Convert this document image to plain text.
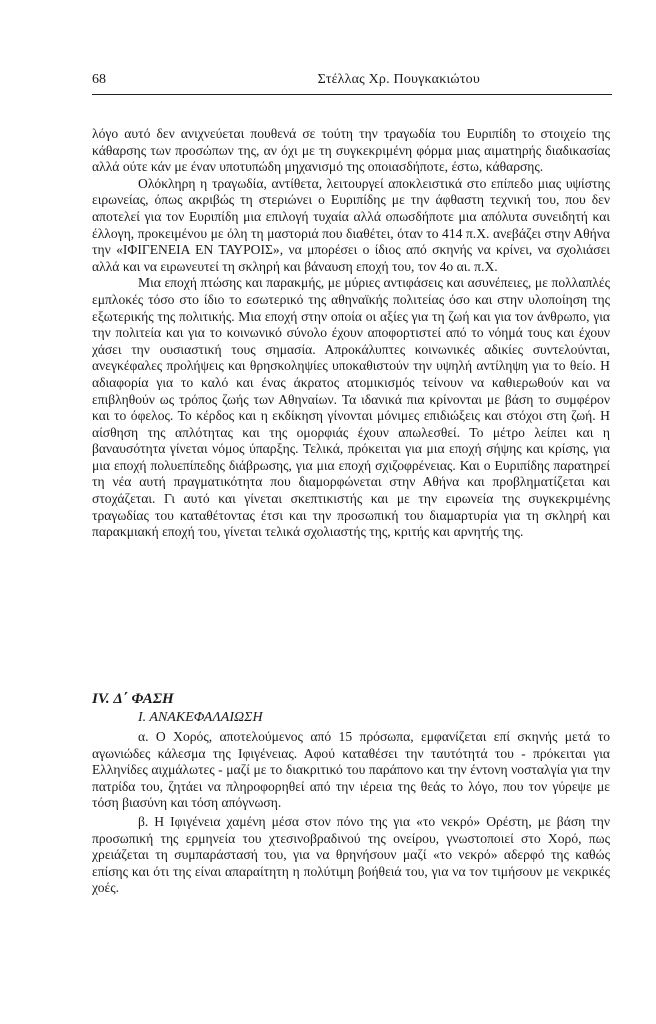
68	Στέλλας Χρ. Πουγκακιώτου

λόγο αυτό δεν ανιχνεύεται πουθενά σε τούτη την τραγωδία του Ευριπίδη το στοιχείο της κάθαρσης των προσώπων της, αν όχι με τη συγκεκριμένη φόρμα μιας αιματηρής διαδικασίας αλλά ούτε κάν με έναν υποτυπώδη μηχανισμό της οποιασδήποτε, έστω, κάθαρσης.

Ολόκληρη η τραγωδία, αντίθετα, λειτουργεί αποκλειστικά στο επίπεδο μιας υψίστης ειρωνείας, όπως ακριβώς τη στεριώνει ο Ευριπίδης με την άφθαστη τεχνική του, που δεν αποτελεί για τον Ευριπίδη μια επιλογή τυχαία αλλά οπωσδήποτε μια απόλυτα συνειδητή και έλλογη, προκειμένου με όλη τη μαστοριά που διαθέτει, όταν το 414 π.Χ. ανεβάζει στην Αθήνα την «ΙΦΙΓΕΝΕΙΑ ΕΝ ΤΑΥΡΟΙΣ», να μπορέσει ο ίδιος από σκηνής να κρίνει, να σχολιάσει αλλά και να ειρωνευτεί τη σκληρή και βάναυση εποχή του, τον 4ο αι. π.Χ.

Μια εποχή πτώσης και παρακμής, με μύριες αντιφάσεις και ασυνέπειες, με πολλαπλές εμπλοκές τόσο στο ίδιο το εσωτερικό της αθηναϊκής πολιτείας όσο και στην υλοποίηση της εξωτερικής της πολιτικής. Μια εποχή στην οποία οι αξίες για τη ζωή και για τον άνθρωπο, για την πολιτεία και για το κοινωνικό σύνολο έχουν αποφορτιστεί από το νόημά τους και έχουν χάσει την ουσιαστική τους σημασία. Απροκάλυπτες κοινωνικές αδικίες συντελούνται, ανεγκέφαλες προλήψεις και θρησκοληψίες υποκαθιστούν την υψηλή αντίληψη για το θείο. Η αδιαφορία για το καλό και ένας άκρατος ατομικισμός τείνουν να καθιερωθούν και να επιβληθούν ως τρόπος ζωής των Αθηναίων. Τα ιδανικά πια κρίνονται με βάση το συμφέρον και το όφελος. Το κέρδος και η εκδίκηση γίνονται μόνιμες επιδιώξεις και στόχοι στη ζωή. Η αίσθηση της απλότητας και της ομορφιάς έχουν απωλεσθεί. Το μέτρο λείπει και η βαναυσότητα γίνεται νόμος ύπαρξης. Τελικά, πρόκειται για μια εποχή σήψης και κρίσης, για μια εποχή πολυεπίπεδης διάβρωσης, για μια εποχή σχιζοφρένειας. Και ο Ευριπίδης παρατηρεί τη νέα αυτή πραγματικότητα που διαμορφώνεται στην Αθήνα και προβληματίζεται και στοχάζεται. Γι αυτό και γίνεται σκεπτικιστής και με την ειρωνεία της συγκεκριμένης τραγωδίας του καταθέτοντας έτσι και την προσωπική του διαμαρτυρία για τη σκληρή και παρακμιακή εποχή του, γίνεται τελικά σχολιαστής της, κριτής και αρνητής της.

IV. Δ΄ ΦΑΣΗ
Ι. ΑΝΑΚΕΦΑΛΑΙΩΣΗ

α. Ο Χορός, αποτελούμενος από 15 πρόσωπα, εμφανίζεται επί σκηνής μετά το αγωνιώδες κάλεσμα της Ιφιγένειας. Αφού καταθέσει την ταυτότητά του - πρόκειται για Ελληνίδες αιχμάλωτες - μαζί με το διακριτικό του παράπονο και την έντονη νοσταλγία για την πατρίδα του, ζητάει να πληροφορηθεί από την ιέρεια της θεάς το λόγο, που τον γύρεψε με τόση βιασύνη και τόση απόγνωση.

β. Η Ιφιγένεια χαμένη μέσα στον πόνο της για «το νεκρό» Ορέστη, με βάση την προσωπική της ερμηνεία του χτεσινοβραδινού της ονείρου, γνωστοποιεί στο Χορό, πως χρειάζεται τη συμπαράστασή του, για να θρηνήσουν μαζί «το νεκρό» αδερφό της καθώς επίσης και ότι της είναι απαραίτητη η πολύτιμη βοήθειά του, για να τον τιμήσουν με νεκρικές χοές.
